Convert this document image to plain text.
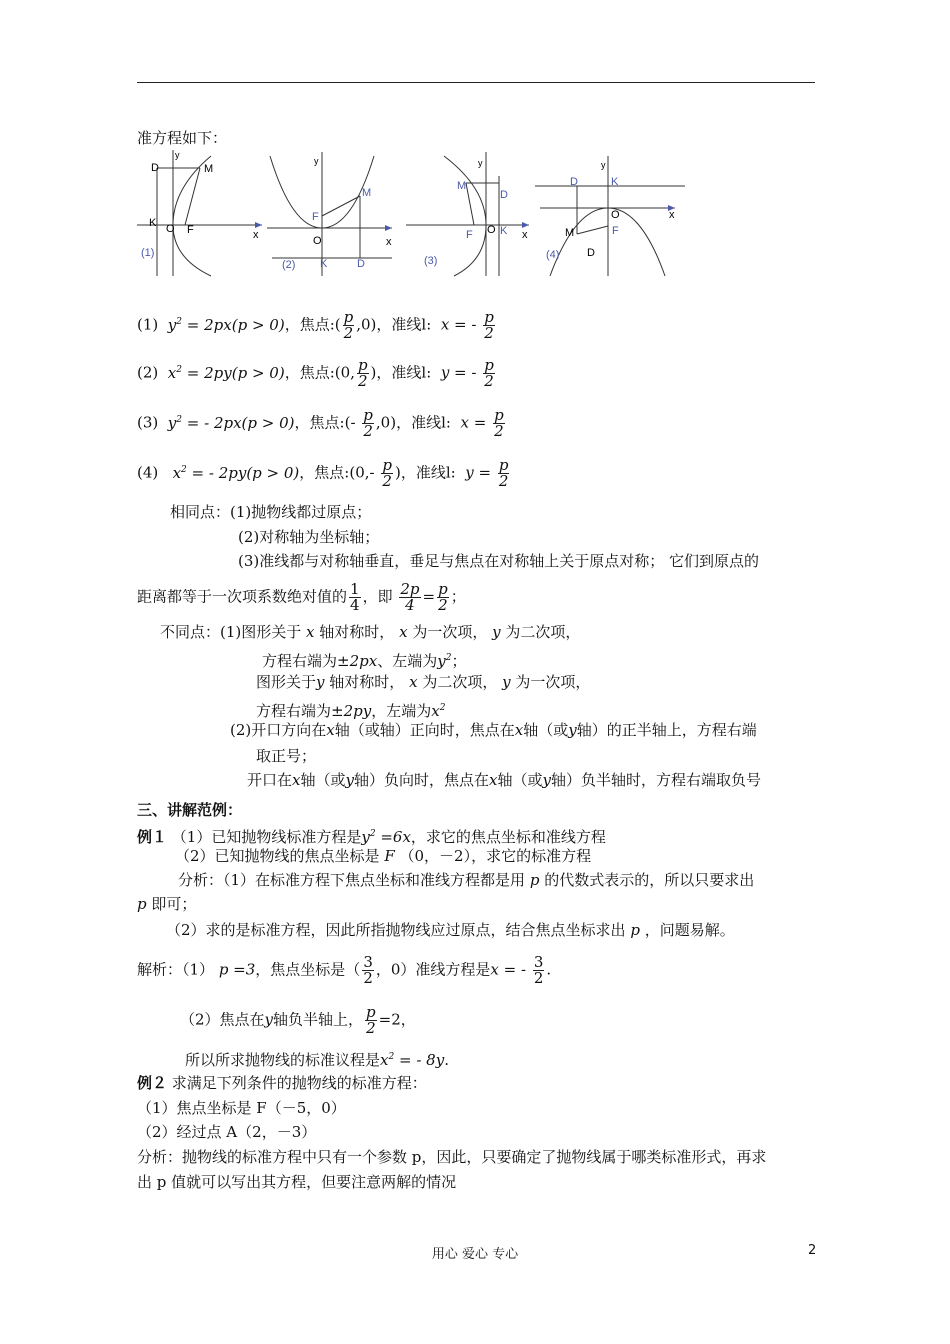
准方程如下：
D	M
K O F	x
y
(1)
M
F
O	x
y
K	D
(2)
M
D
F O K x
y
(3)
D	K
O	x
M	F
D
y
(4)
(1)  $y^2 = 2px(p > 0)$，焦点:( $\frac{p}{2} ,0$)，准线l:  x = - $\frac{p}{2}$
(2)  $x^2 = 2py(p > 0)$，焦点:(0, $\frac{p}{2}$ )，准线l:  y = - $\frac{p}{2}$
(3)  $y^2$ = - 2px(p > 0)，焦点:(- $\frac{p}{2} ,0$)，准线l:  $x = \frac{p}{2}$
(4)   $x^2$ = - 2py(p > 0)，焦点:(0,- $\frac{p}{2}$ )，准线l:  $y = \frac{p}{2}$
相同点：(1)抛物线都过原点；
(2)对称轴为坐标轴；
(3)准线都与对称轴垂直，垂足与焦点在对称轴上关于原点对称； 它们到原点的
距离都等于一次项系数绝对值的 $\frac{1}{4}$ ，即 $\frac{2p}{4} = \frac{p}{2}$ ；
不同点：(1)图形关于 x 轴对称时， x 为一次项， y 为二次项，
方程右端为±2px、左端为$y^2$；
图形关于y 轴对称时， x 为二次项， y 为一次项，
方程右端为±2py，左端为$x^2$
(2)开口方向在x轴（或轴）正向时，焦点在x轴（或y轴）的正半轴上，方程右端
取正号；
开口在x轴（或y轴）负向时，焦点在x轴（或y轴）负半轴时，方程右端取负号
三、讲解范例：
例１ （1）已知抛物线标准方程是$y^2 =6x$，求它的焦点坐标和准线方程
（2）已知抛物线的焦点坐标是 F （0，－2），求它的标准方程
分析：（1）在标准方程下焦点坐标和准线方程都是用 p 的代数式表示的，所以只要求出
p 即可；
（2）求的是标准方程，因此所指抛物线应过原点，结合焦点坐标求出 p ，问题易解。
解析：（1） p =3，焦点坐标是（ $\frac{3}{2}$ ，0）准线方程是x = - $\frac{3}{2}$ .
（2）焦点在y轴负半轴上， $\frac{p}{2} =2$，
所以所求抛物线的标准议程是$x^2$ = - 8y.
例２ 求满足下列条件的抛物线的标准方程：
（1）焦点坐标是 F（－5，0）
（2）经过点 A（2，－3）
分析：抛物线的标准方程中只有一个参数 p，因此，只要确定了抛物线属于哪类标准形式，再求
出 p 值就可以写出其方程，但要注意两解的情况
用心 爱心 专心	2
